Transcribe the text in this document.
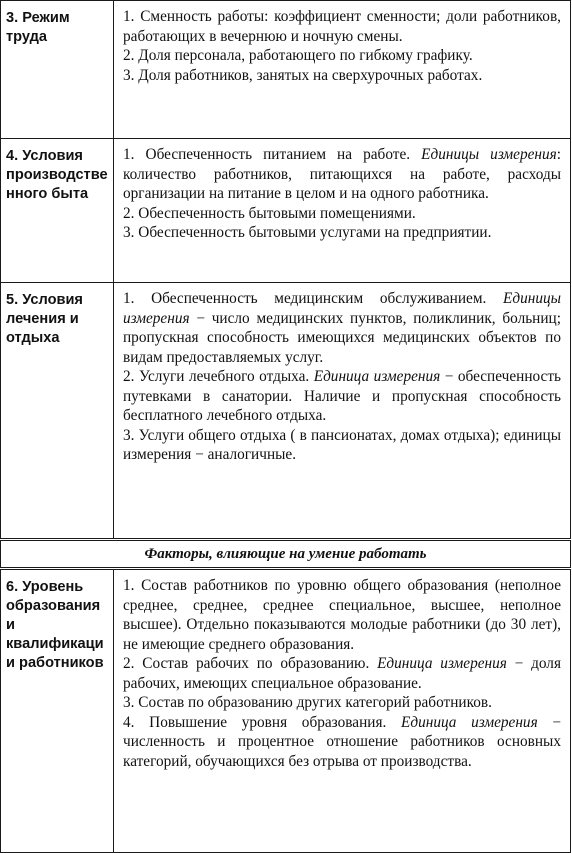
3. Режим труда	1. Сменность работы: коэффициент сменности; доли работников, работающих в вечернюю и ночную смены.

2. Доля персонала, работающего по гибкому графику.

3. Доля работников, занятых на сверхурочных работах.

4. Условия производственного быта	1. Обеспеченность питанием на работе. Единицы измерения: количество работников, питающихся на работе, расходы организации на питание в целом и на одного работника.

2. Обеспеченность бытовыми помещениями.

3. Обеспеченность бытовыми услугами на предприятии.

5. Условия лечения и отдыха	1. Обеспеченность медицинским обслуживанием. Единицы измерения − число медицинских пунктов, поликлиник, больниц; пропускная способность имеющихся медицинских объектов по видам предоставляемых услуг.

2. Услуги лечебного отдыха. Единица измерения − обеспеченность путевками в санатории. Наличие и пропускная способность бесплатного лечебного отдыха.

3. Услуги общего отдыха ( в пансионатах, домах отдыха); единицы измерения − аналогичные.

Факторы, влияющие на умение работать	

6. Уровень образования и квалификации работников	1. Состав работников по уровню общего образования (неполное среднее, среднее, среднее специальное, высшее, неполное высшее). Отдельно показываются молодые работники (до 30 лет), не имеющие среднего образования.

2. Состав рабочих по образованию. Единица измерения − доля рабочих, имеющих специальное образование.

3. Состав по образованию других категорий работников.

4. Повышение уровня образования. Единица измерения − численность и процентное отношение работников основных категорий, обучающихся без отрыва от производства.
